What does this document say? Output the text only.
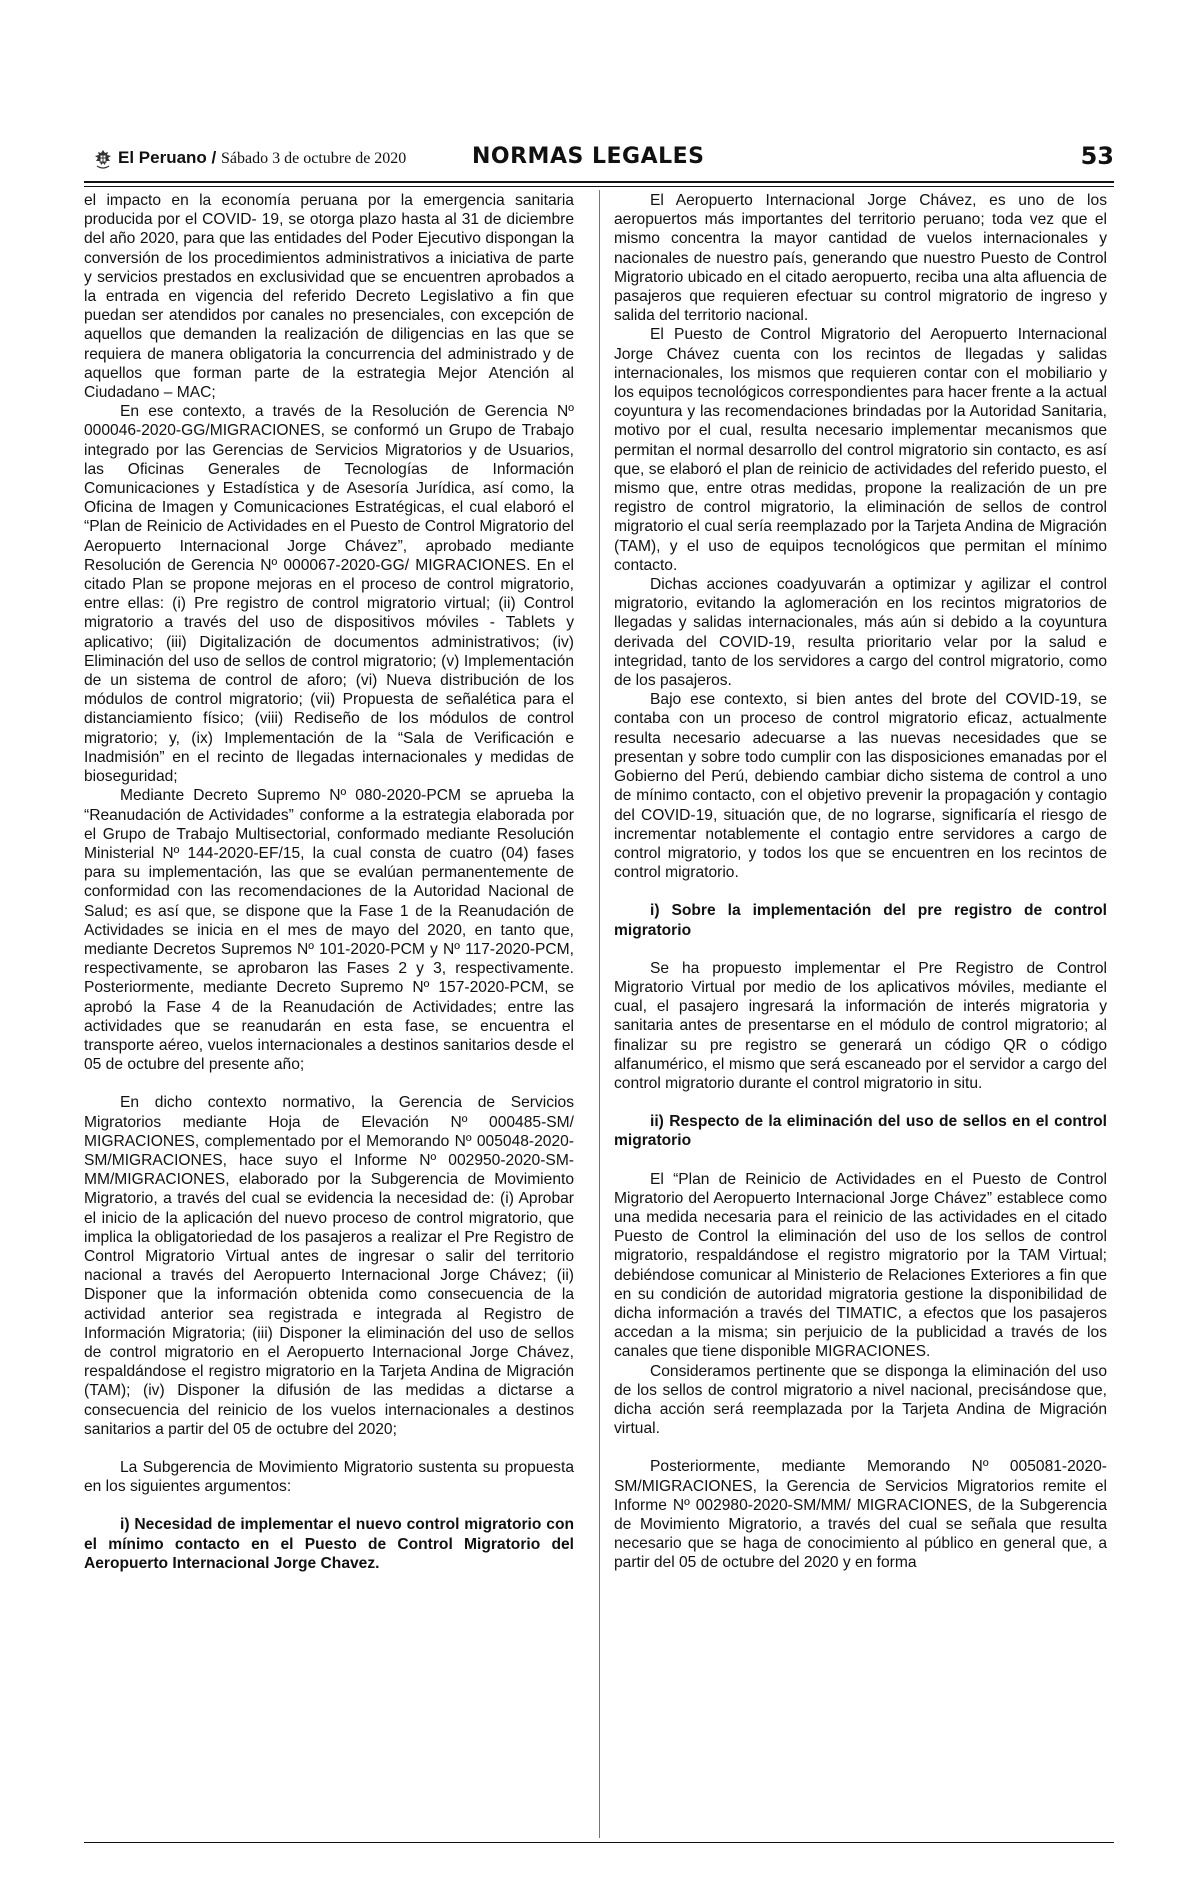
El Peruano / Sábado 3 de octubre de 2020	NORMAS LEGALES	53

el impacto en la economía peruana por la emergencia sanitaria producida por el COVID- 19, se otorga plazo hasta al 31 de diciembre del año 2020, para que las entidades del Poder Ejecutivo dispongan la conversión de los procedimientos administrativos a iniciativa de parte y servicios prestados en exclusividad que se encuentren aprobados a la entrada en vigencia del referido Decreto Legislativo a fin que puedan ser atendidos por canales no presenciales, con excepción de aquellos que demanden la realización de diligencias en las que se requiera de manera obligatoria la concurrencia del administrado y de aquellos que forman parte de la estrategia Mejor Atención al Ciudadano – MAC;

En ese contexto, a través de la Resolución de Gerencia Nº 000046-2020-GG/MIGRACIONES, se conformó un Grupo de Trabajo integrado por las Gerencias de Servicios Migratorios y de Usuarios, las Oficinas Generales de Tecnologías de Información Comunicaciones y Estadística y de Asesoría Jurídica, así como, la Oficina de Imagen y Comunicaciones Estratégicas, el cual elaboró el “Plan de Reinicio de Actividades en el Puesto de Control Migratorio del Aeropuerto Internacional Jorge Chávez”, aprobado mediante Resolución de Gerencia Nº 000067-2020-GG/ MIGRACIONES. En el citado Plan se propone mejoras en el proceso de control migratorio, entre ellas: (i) Pre registro de control migratorio virtual; (ii) Control migratorio a través del uso de dispositivos móviles - Tablets y aplicativo; (iii) Digitalización de documentos administrativos; (iv) Eliminación del uso de sellos de control migratorio; (v) Implementación de un sistema de control de aforo; (vi) Nueva distribución de los módulos de control migratorio; (vii) Propuesta de señalética para el distanciamiento físico; (viii) Rediseño de los módulos de control migratorio; y, (ix) Implementación de la “Sala de Verificación e Inadmisión” en el recinto de llegadas internacionales y medidas de bioseguridad;

Mediante Decreto Supremo Nº 080-2020-PCM se aprueba la “Reanudación de Actividades” conforme a la estrategia elaborada por el Grupo de Trabajo Multisectorial, conformado mediante Resolución Ministerial Nº 144-2020-EF/15, la cual consta de cuatro (04) fases para su implementación, las que se evalúan permanentemente de conformidad con las recomendaciones de la Autoridad Nacional de Salud; es así que, se dispone que la Fase 1 de la Reanudación de Actividades se inicia en el mes de mayo del 2020, en tanto que, mediante Decretos Supremos Nº 101-2020-PCM y Nº 117-2020-PCM, respectivamente, se aprobaron las Fases 2 y 3, respectivamente. Posteriormente, mediante Decreto Supremo Nº 157-2020-PCM, se aprobó la Fase 4 de la Reanudación de Actividades; entre las actividades que se reanudarán en esta fase, se encuentra el transporte aéreo, vuelos internacionales a destinos sanitarios desde el 05 de octubre del presente año;

En dicho contexto normativo, la Gerencia de Servicios Migratorios mediante Hoja de Elevación Nº 000485-SM/ MIGRACIONES, complementado por el Memorando Nº 005048-2020-SM/MIGRACIONES, hace suyo el Informe Nº 002950-2020-SM-MM/MIGRACIONES, elaborado por la Subgerencia de Movimiento Migratorio, a través del cual se evidencia la necesidad de: (i) Aprobar el inicio de la aplicación del nuevo proceso de control migratorio, que implica la obligatoriedad de los pasajeros a realizar el Pre Registro de Control Migratorio Virtual antes de ingresar o salir del territorio nacional a través del Aeropuerto Internacional Jorge Chávez; (ii) Disponer que la información obtenida como consecuencia de la actividad anterior sea registrada e integrada al Registro de Información Migratoria; (iii) Disponer la eliminación del uso de sellos de control migratorio en el Aeropuerto Internacional Jorge Chávez, respaldándose el registro migratorio en la Tarjeta Andina de Migración (TAM); (iv) Disponer la difusión de las medidas a dictarse a consecuencia del reinicio de los vuelos internacionales a destinos sanitarios a partir del 05 de octubre del 2020;

La Subgerencia de Movimiento Migratorio sustenta su propuesta en los siguientes argumentos:

i) Necesidad de implementar el nuevo control migratorio con el mínimo contacto en el Puesto de Control Migratorio del Aeropuerto Internacional Jorge Chavez.

El Aeropuerto Internacional Jorge Chávez, es uno de los aeropuertos más importantes del territorio peruano; toda vez que el mismo concentra la mayor cantidad de vuelos internacionales y nacionales de nuestro país, generando que nuestro Puesto de Control Migratorio ubicado en el citado aeropuerto, reciba una alta afluencia de pasajeros que requieren efectuar su control migratorio de ingreso y salida del territorio nacional.

El Puesto de Control Migratorio del Aeropuerto Internacional Jorge Chávez cuenta con los recintos de llegadas y salidas internacionales, los mismos que requieren contar con el mobiliario y los equipos tecnológicos correspondientes para hacer frente a la actual coyuntura y las recomendaciones brindadas por la Autoridad Sanitaria, motivo por el cual, resulta necesario implementar mecanismos que permitan el normal desarrollo del control migratorio sin contacto, es así que, se elaboró el plan de reinicio de actividades del referido puesto, el mismo que, entre otras medidas, propone la realización de un pre registro de control migratorio, la eliminación de sellos de control migratorio el cual sería reemplazado por la Tarjeta Andina de Migración (TAM), y el uso de equipos tecnológicos que permitan el mínimo contacto.

Dichas acciones coadyuvarán a optimizar y agilizar el control migratorio, evitando la aglomeración en los recintos migratorios de llegadas y salidas internacionales, más aún si debido a la coyuntura derivada del COVID-19, resulta prioritario velar por la salud e integridad, tanto de los servidores a cargo del control migratorio, como de los pasajeros.

Bajo ese contexto, si bien antes del brote del COVID-19, se contaba con un proceso de control migratorio eficaz, actualmente resulta necesario adecuarse a las nuevas necesidades que se presentan y sobre todo cumplir con las disposiciones emanadas por el Gobierno del Perú, debiendo cambiar dicho sistema de control a uno de mínimo contacto, con el objetivo prevenir la propagación y contagio del COVID-19, situación que, de no lograrse, significaría el riesgo de incrementar notablemente el contagio entre servidores a cargo de control migratorio, y todos los que se encuentren en los recintos de control migratorio.

i) Sobre la implementación del pre registro de control migratorio

Se ha propuesto implementar el Pre Registro de Control Migratorio Virtual por medio de los aplicativos móviles, mediante el cual, el pasajero ingresará la información de interés migratoria y sanitaria antes de presentarse en el módulo de control migratorio; al finalizar su pre registro se generará un código QR o código alfanumérico, el mismo que será escaneado por el servidor a cargo del control migratorio durante el control migratorio in situ.

ii) Respecto de la eliminación del uso de sellos en el control migratorio

El “Plan de Reinicio de Actividades en el Puesto de Control Migratorio del Aeropuerto Internacional Jorge Chávez” establece como una medida necesaria para el reinicio de las actividades en el citado Puesto de Control la eliminación del uso de los sellos de control migratorio, respaldándose el registro migratorio por la TAM Virtual; debiéndose comunicar al Ministerio de Relaciones Exteriores a fin que en su condición de autoridad migratoria gestione la disponibilidad de dicha información a través del TIMATIC, a efectos que los pasajeros accedan a la misma; sin perjuicio de la publicidad a través de los canales que tiene disponible MIGRACIONES.

Consideramos pertinente que se disponga la eliminación del uso de los sellos de control migratorio a nivel nacional, precisándose que, dicha acción será reemplazada por la Tarjeta Andina de Migración virtual.

Posteriormente, mediante Memorando Nº 005081-2020-SM/MIGRACIONES, la Gerencia de Servicios Migratorios remite el Informe Nº 002980-2020-SM/MM/ MIGRACIONES, de la Subgerencia de Movimiento Migratorio, a través del cual se señala que resulta necesario que se haga de conocimiento al público en general que, a partir del 05 de octubre del 2020 y en forma
